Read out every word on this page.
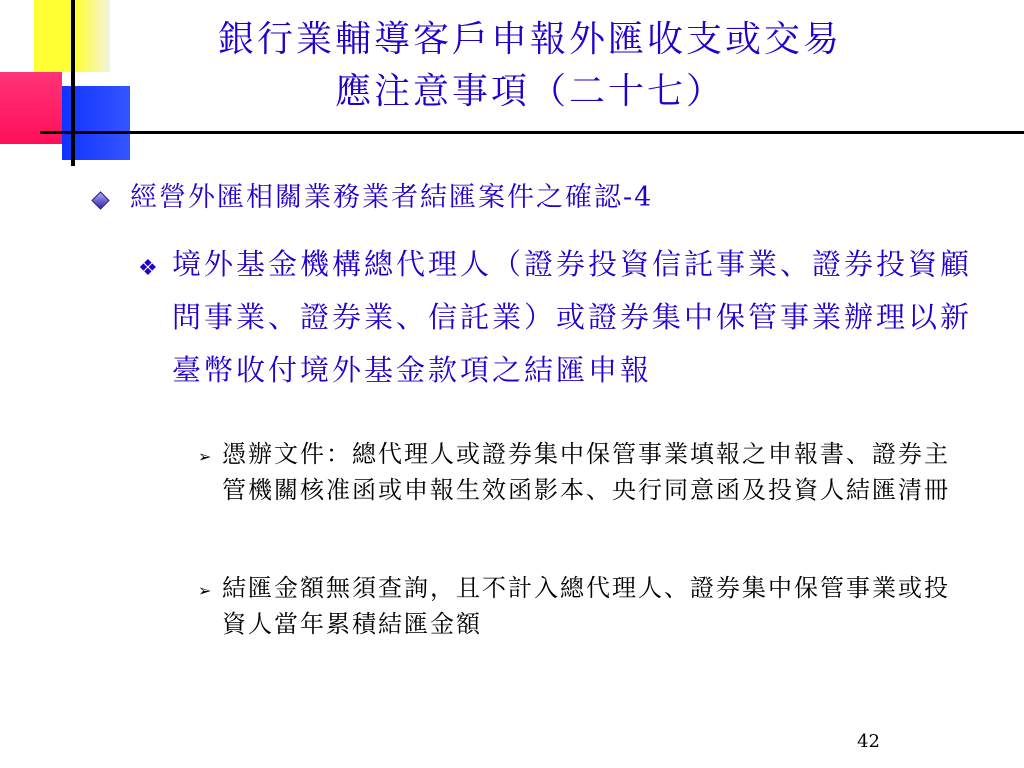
銀行業輔導客戶申報外匯收支或交易
應注意事項（二十七）
經營外匯相關業務業者結匯案件之確認-4
❖ 境外基金機構總代理人（證券投資信託事業、證券投資顧問事業、證券業、信託業）或證券集中保管事業辦理以新臺幣收付境外基金款項之結匯申報
➢ 憑辦文件：總代理人或證券集中保管事業填報之申報書、證券主管機關核准函或申報生效函影本、央行同意函及投資人結匯清冊
➢ 結匯金額無須查詢，且不計入總代理人、證券集中保管事業或投資人當年累積結匯金額
42
